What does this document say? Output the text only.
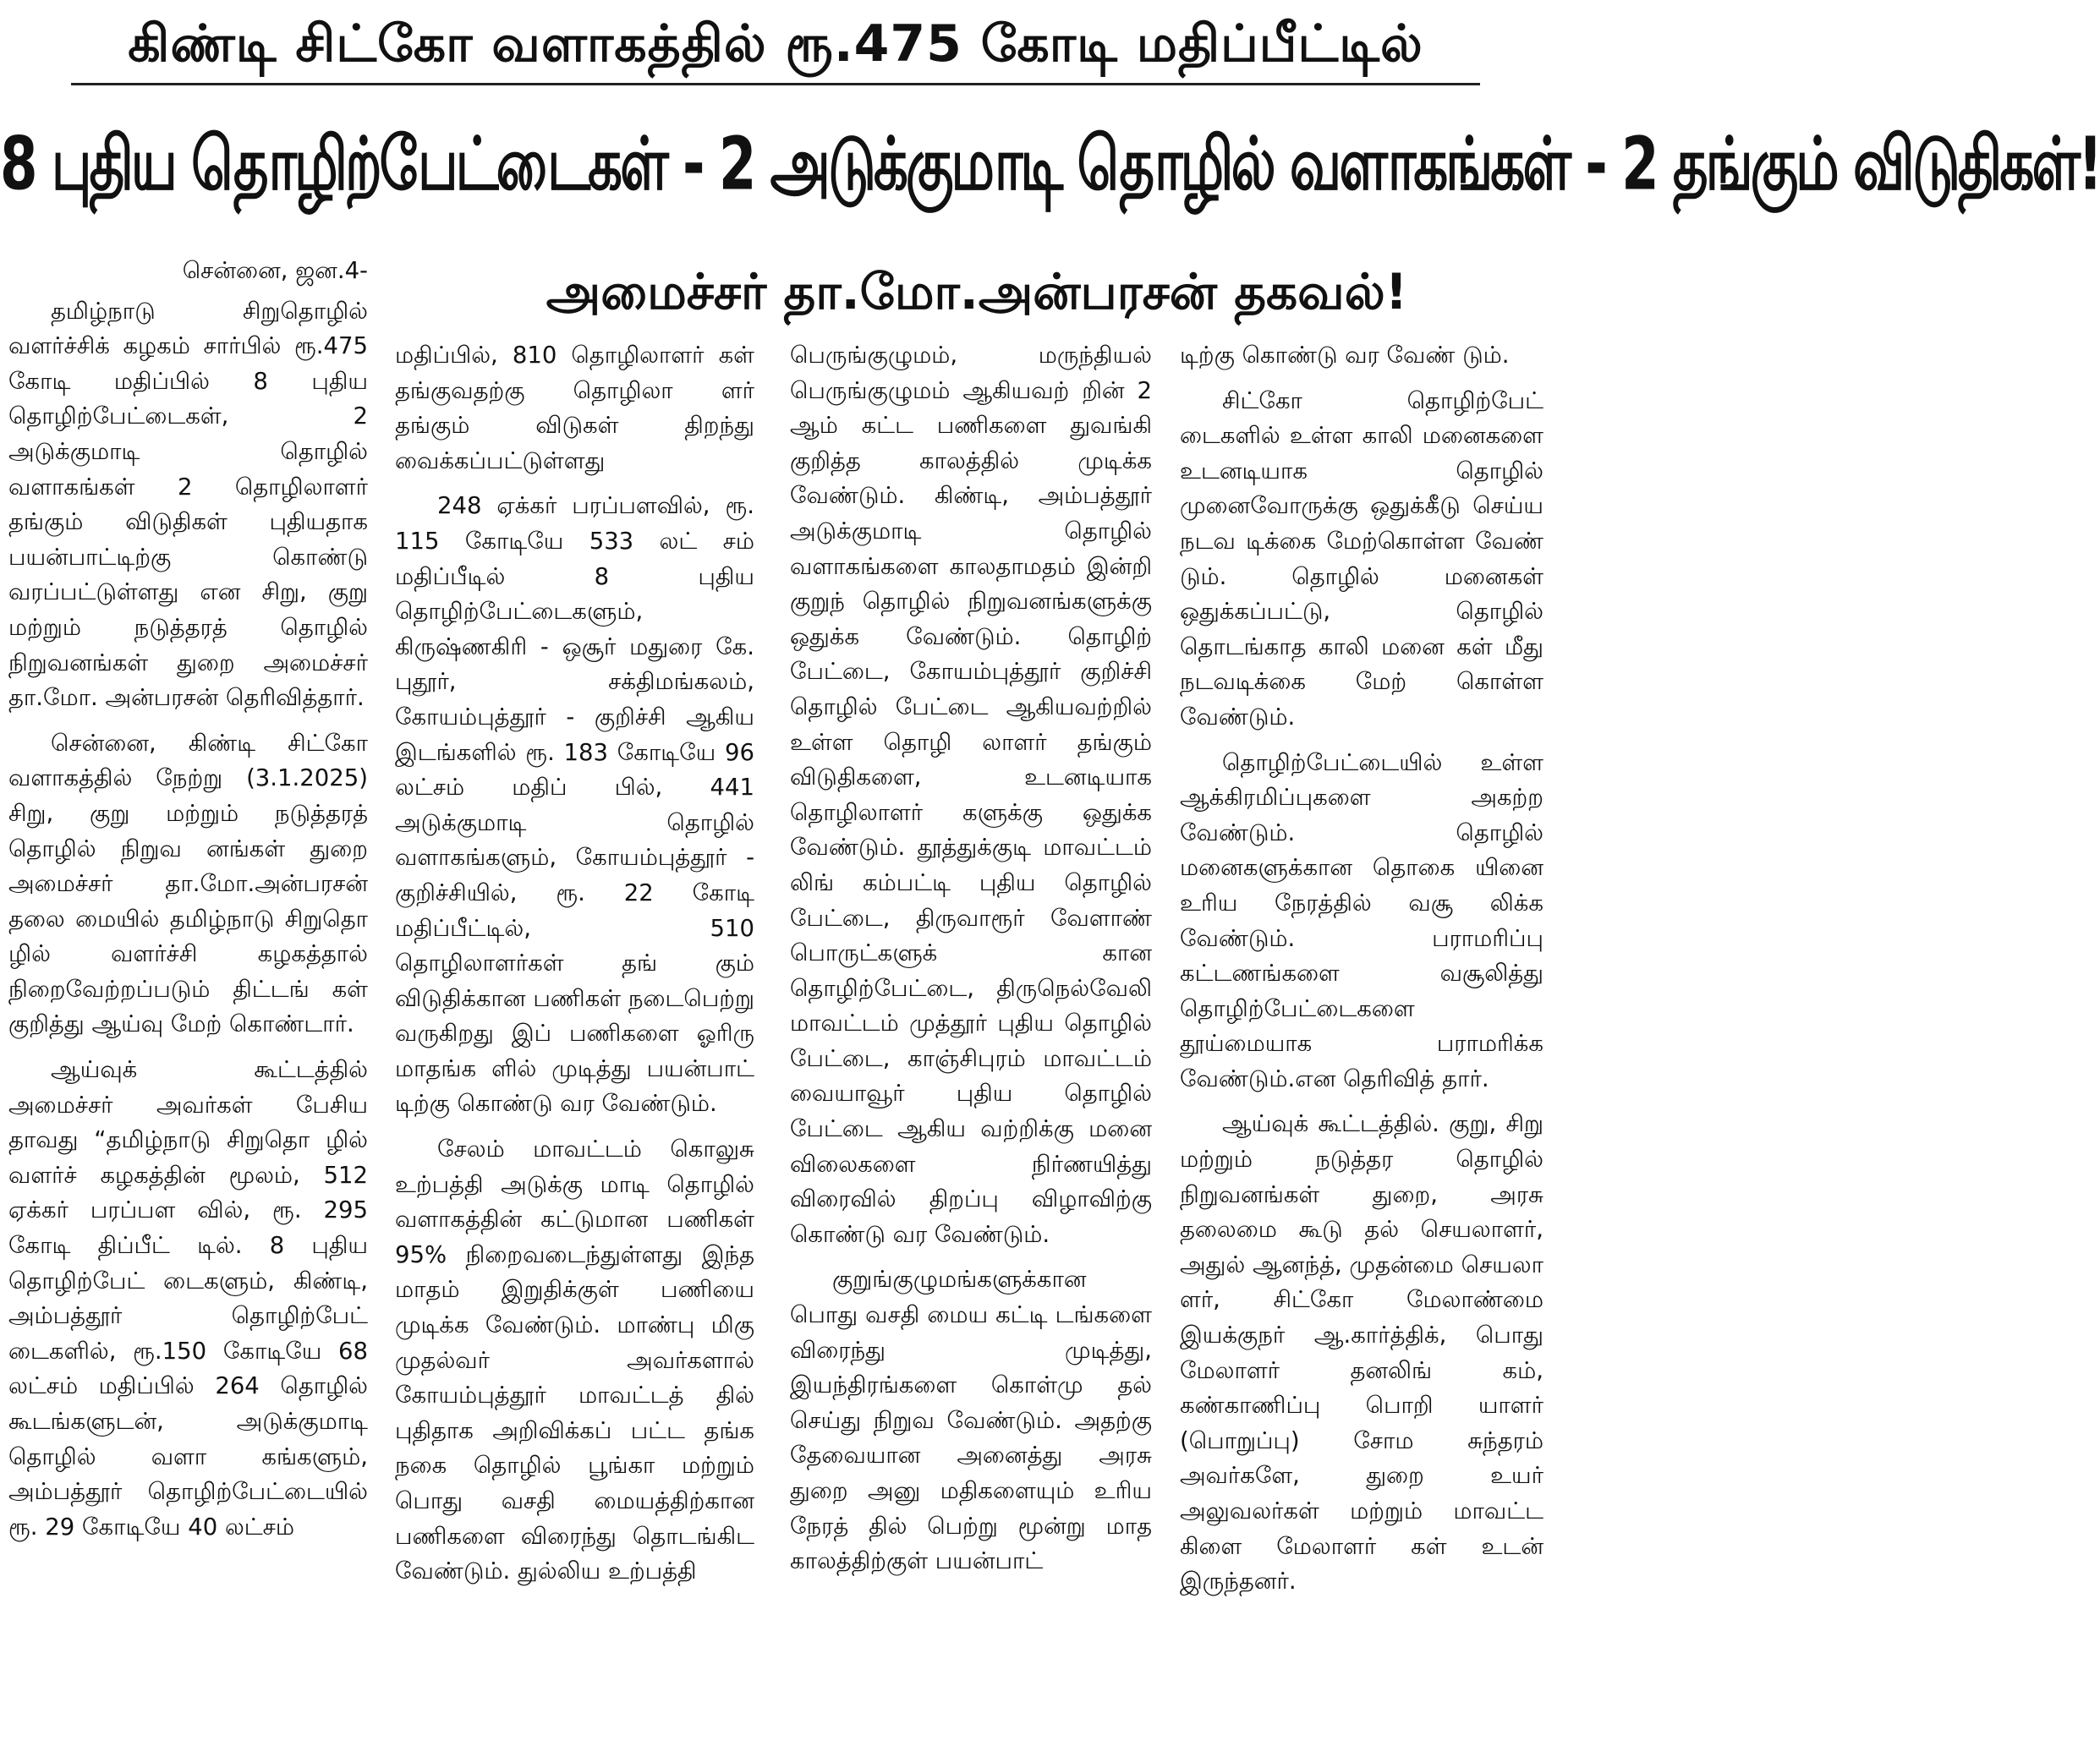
கிண்டி சிட்கோ வளாகத்தில் ரூ.475 கோடி மதிப்பீட்டில்
8 புதிய தொழிற்பேட்டைகள் - 2 அடுக்குமாடி தொழில் வளாகங்கள் - 2 தங்கும் விடுதிகள்!
அமைச்சர் தா.மோ.அன்பரசன் தகவல்!

சென்னை, ஜன.4-

தமிழ்நாடு சிறுதொழில் வளர்ச்சிக் கழகம் சார்பில் ரூ.475 கோடி மதிப்பில் 8 புதிய தொழிற்பேட்டைகள், 2 அடுக்குமாடி தொழில் வளாகங்கள் 2 தொழிலாளர் தங்கும் விடுதிகள் புதியதாக பயன்பாட்டிற்கு கொண்டு வரப்பட்டுள்ளது என சிறு, குறு மற்றும் நடுத்தரத் தொழில் நிறுவனங்கள் துறை அமைச்சர் தா.மோ. அன்பரசன் தெரிவித்தார்.

சென்னை, கிண்டி சிட்கோ வளாகத்தில் நேற்று (3.1.2025) சிறு, குறு மற்றும் நடுத்தரத் தொழில் நிறுவ னங்கள் துறை அமைச்சர் தா.மோ.அன்பரசன் தலை மையில் தமிழ்நாடு சிறுதொ ழில் வளர்ச்சி கழகத்தால் நிறைவேற்றப்படும் திட்டங் கள் குறித்து ஆய்வு மேற் கொண்டார்.

ஆய்வுக் கூட்டத்தில் அமைச்சர் அவர்கள் பேசிய தாவது “தமிழ்நாடு சிறுதொ ழில் வளர்ச் கழகத்தின் மூலம், 512 ஏக்கர் பரப்பள வில், ரூ. 295 கோடி திப்பீட் டில். 8 புதிய தொழிற்பேட் டைகளும், கிண்டி, அம்பத்தூர் தொழிற்பேட் டைகளில், ரூ.150 கோடியே 68 லட்சம் மதிப்பில் 264 தொழில் கூடங்களுடன், அடுக்குமாடி தொழில் வளா கங்களும், அம்பத்தூர் தொழிற்பேட்டையில் ரூ. 29 கோடியே 40 லட்சம்

மதிப்பில், 810 தொழிலாளர் கள் தங்குவதற்கு தொழிலா ளர் தங்கும் விடுகள் திறந்து வைக்கப்பட்டுள்ளது

248 ஏக்கர் பரப்பளவில், ரூ. 115 கோடியே 533 லட் சம் மதிப்பீடில் 8 புதிய தொழிற்பேட்டைகளும், கிருஷ்ணகிரி - ஒசூர் மதுரை கே. புதூர், சக்திமங்கலம், கோயம்புத்தூர் - குறிச்சி ஆகிய இடங்களில் ரூ. 183 கோடியே 96 லட்சம் மதிப் பில், 441 அடுக்குமாடி தொழில் வளாகங்களும், கோயம்புத்தூர் - குறிச்சியில், ரூ. 22 கோடி மதிப்பீட்டில், 510 தொழிலாளர்கள் தங் கும் விடுதிக்கான பணிகள் நடைபெற்று வருகிறது இப் பணிகளை ஓரிரு மாதங்க ளில் முடித்து பயன்பாட் டிற்கு கொண்டு வர வேண்டும்.

சேலம் மாவட்டம் கொலுசு உற்பத்தி அடுக்கு மாடி தொழில் வளாகத்தின் கட்டுமான பணிகள் 95% நிறைவடைந்துள்ளது இந்த மாதம் இறுதிக்குள் பணியை முடிக்க வேண்டும். மாண்பு மிகு முதல்வர் அவர்களால் கோயம்புத்தூர் மாவட்டத் தில் புதிதாக அறிவிக்கப் பட்ட தங்க நகை தொழில் பூங்கா மற்றும் பொது வசதி மையத்திற்கான பணிகளை விரைந்து தொடங்கிட வேண்டும். துல்லிய உற்பத்தி

பெருங்குழுமம், மருந்தியல் பெருங்குழுமம் ஆகியவற் றின் 2 ஆம் கட்ட பணிகளை துவங்கி குறித்த காலத்தில் முடிக்க வேண்டும். கிண்டி, அம்பத்தூர் அடுக்குமாடி தொழில் வளாகங்களை காலதாமதம் இன்றி குறுந் தொழில் நிறுவனங்களுக்கு ஒதுக்க வேண்டும். தொழிற் பேட்டை, கோயம்புத்தூர் குறிச்சி தொழில் பேட்டை ஆகியவற்றில் உள்ள தொழி லாளர் தங்கும் விடுதிகளை, உடனடியாக தொழிலாளர் களுக்கு ஒதுக்க வேண்டும். தூத்துக்குடி மாவட்டம் லிங் கம்பட்டி புதிய தொழில் பேட்டை, திருவாரூர் வேளாண் பொருட்களுக் கான தொழிற்பேட்டை, திருநெல்வேலி மாவட்டம் முத்தூர் புதிய தொழில் பேட்டை, காஞ்சிபுரம் மாவட்டம் வையாவூர் புதிய தொழில் பேட்டை ஆகிய வற்றிக்கு மனை விலைகளை நிர்ணயித்து விரைவில் திறப்பு விழாவிற்கு கொண்டு வர வேண்டும்.

குறுங்குழுமங்களுக்கான பொது வசதி மைய கட்டி டங்களை விரைந்து முடித்து, இயந்திரங்களை கொள்மு தல் செய்து நிறுவ வேண்டும். அதற்கு தேவையான அனைத்து அரசு துறை அனு மதிகளையும் உரிய நேரத் தில் பெற்று மூன்று மாத காலத்திற்குள் பயன்பாட்

டிற்கு கொண்டு வர வேண் டும்.

சிட்கோ தொழிற்பேட் டைகளில் உள்ள காலி மனைகளை உடனடியாக தொழில் முனைவோருக்கு ஒதுக்கீடு செய்ய நடவ டிக்கை மேற்கொள்ள வேண் டும். தொழில் மனைகள் ஒதுக்கப்பட்டு, தொழில் தொடங்காத காலி மனை கள் மீது நடவடிக்கை மேற் கொள்ள வேண்டும்.

தொழிற்பேட்டையில் உள்ள ஆக்கிரமிப்புகளை அகற்ற வேண்டும். தொழில் மனைகளுக்கான தொகை யினை உரிய நேரத்தில் வசூ லிக்க வேண்டும். பராமரிப்பு கட்டணங்களை வசூலித்து தொழிற்பேட்டைகளை தூய்மையாக பராமரிக்க வேண்டும்.என தெரிவித் தார்.

ஆய்வுக் கூட்டத்தில். குறு, சிறு மற்றும் நடுத்தர தொழில் நிறுவனங்கள் துறை, அரசு தலைமை கூடு தல் செயலாளர், அதுல் ஆனந்த், முதன்மை செயலா ளர், சிட்கோ மேலாண்மை இயக்குநர் ஆ.கார்த்திக், பொது மேலாளர் தனலிங் கம், கண்காணிப்பு பொறி யாளர் (பொறுப்பு) சோம சுந்தரம் அவர்களே, துறை உயர் அலுவலர்கள் மற்றும் மாவட்ட கிளை மேலாளர் கள் உடன் இருந்தனர்.
